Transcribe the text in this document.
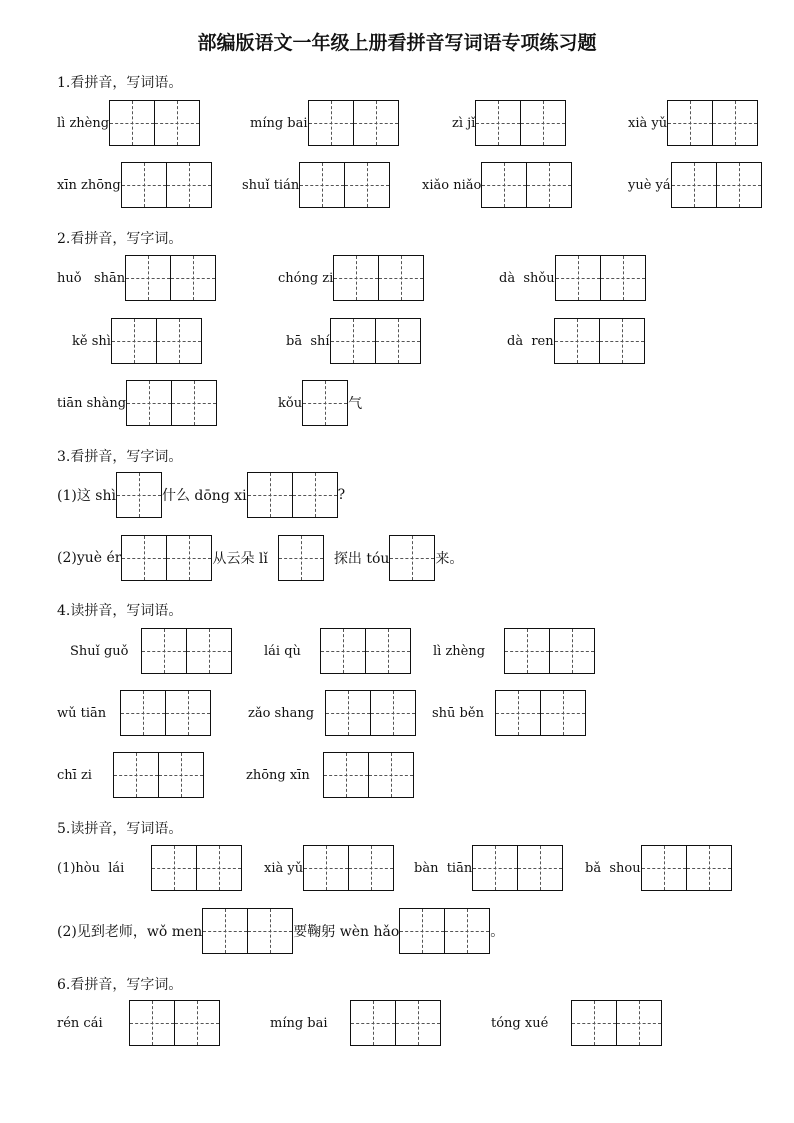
部编版语文一年级上册看拼音写词语专项练习题
1.看拼音，写词语。
lì zhèng	míng bai	zì jǐ	xià yǔ
xīn zhōng	shuǐ tián	xiǎo niǎo	yuè yá
2.看拼音，写字词。
huǒ   shān	chóng zi	dà  shǒu
kě shì	bā  shí	dà  ren
tiān shàng	kǒu	气
3.看拼音，写字词。
(1)这 shì	什么 dōng xi	?
(2)yuè ér	从云朵 lǐ	探出 tóu	来。
4.读拼音，写词语。
Shuǐ guǒ	lái qù	lì zhèng
wǔ tiān	zǎo shang	shū běn
chī zi	zhōng xīn
5.读拼音，写词语。
(1)hòu  lái	xià yǔ	bàn  tiān	bǎ  shou
(2)见到老师，wǒ men	要鞠躬 wèn hǎo	。
6.看拼音，写字词。
rén cái	míng bai	tóng xué
